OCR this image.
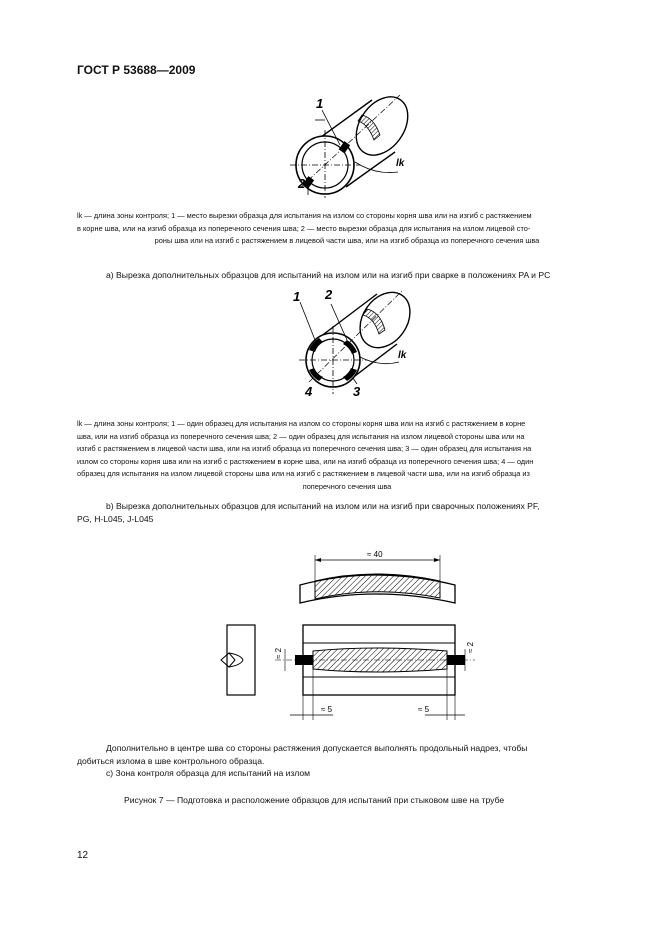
ГОСТ Р 53688—2009
1
2
lk
lk — длина зоны контроля; 1 — место вырезки образца для испытания на излом со стороны корня шва или на изгиб с растяжением
в корне шва, или на изгиб образца из поперечного сечения шва; 2 — место вырезки образца для испытания на излом лицевой сто-
роны шва или на изгиб с растяжением в лицевой части шва, или на изгиб образца из поперечного сечения шва
а) Вырезка дополнительных образцов для испытаний на излом или на изгиб при сварке в положениях PA и PC
1 2
3
4
lk
lk — длина зоны контроля; 1 — один образец для испытания на излом со стороны корня шва или на изгиб с растяжением в корне
шва, или на изгиб образца из поперечного сечения шва; 2 — один образец для испытания на излом лицевой стороны шва или на
изгиб с растяжением в лицевой части шва, или на изгиб образца из поперечного сечения шва; 3 — один образец для испытания на
излом со стороны корня шва или на изгиб с растяжением в корне шва, или на изгиб образца из поперечного сечения шва; 4 — один
образец для испытания на излом лицевой стороны шва или на изгиб с растяжением в лицевой части шва, или на изгиб образца из
поперечного сечения шва
b) Вырезка дополнительных образцов для испытаний на излом или на изгиб при сварочных положениях PF,
PG, H-L045, J-L045
≈ 40
≈ 2
≈ 2
≈ 5	≈ 5
Дополнительно в центре шва со стороны растяжения допускается выполнять продольный надрез, чтобы
добиться излома в шве контрольного образца.
с) Зона контроля образца для испытаний на излом
Рисунок 7 — Подготовка и расположение образцов для испытаний при стыковом шве на трубе
12
